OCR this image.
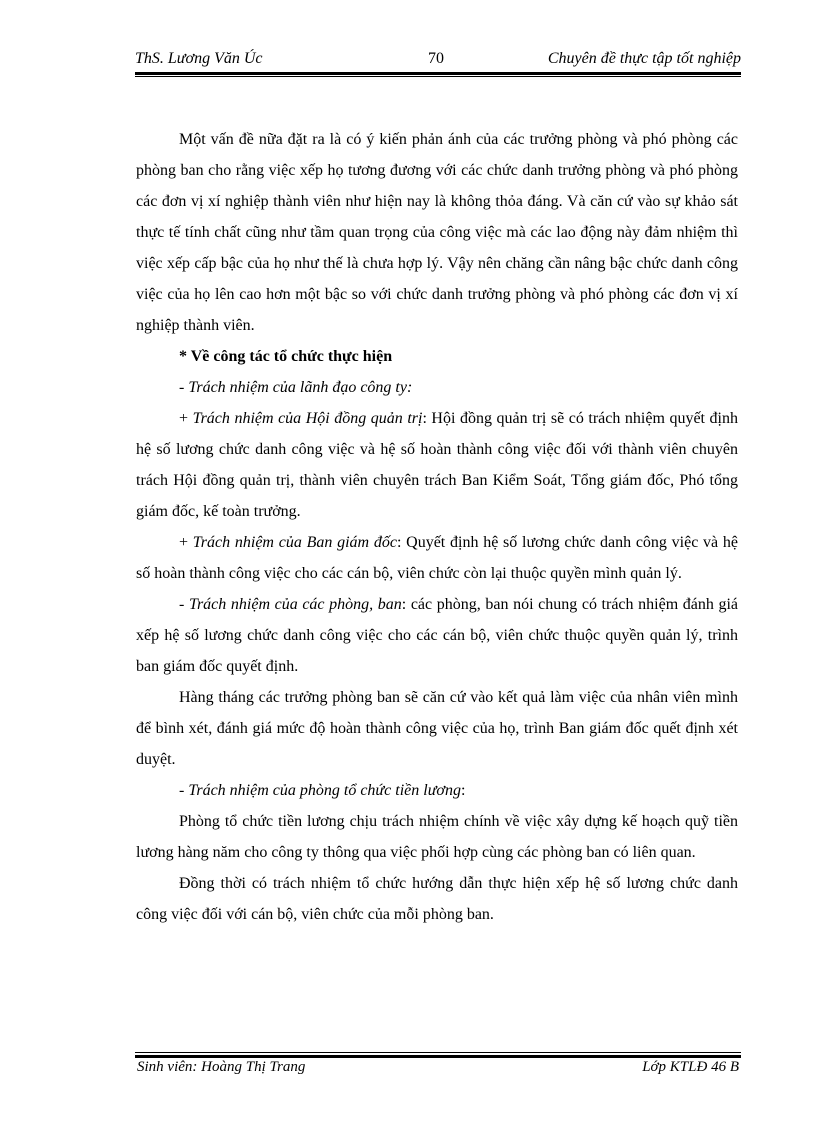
ThS. Lương Văn Úc	70	Chuyên đề thực tập tốt nghiệp

Một vấn đề nữa đặt ra là có ý kiến phản ánh của các trưởng phòng và phó phòng các phòng ban cho rằng việc xếp họ tương đương với các chức danh trưởng phòng và phó phòng các đơn vị xí nghiệp thành viên như hiện nay là không thỏa đáng. Và căn cứ vào sự khảo sát thực tế tính chất cũng như tầm quan trọng của công việc mà các lao động này đảm nhiệm thì việc xếp cấp bậc của họ như thế là chưa hợp lý. Vậy nên chăng cần nâng bậc chức danh công việc của họ lên cao hơn một bậc so với chức danh trưởng phòng và phó phòng các đơn vị xí nghiệp thành viên.

* Về công tác tổ chức thực hiện

- Trách nhiệm của lãnh đạo công ty:

+ Trách nhiệm của Hội đồng quản trị: Hội đồng quản trị sẽ có trách nhiệm quyết định hệ số lương chức danh công việc và hệ số hoàn thành công việc đối với thành viên chuyên trách Hội đồng quản trị, thành viên chuyên trách Ban Kiểm Soát, Tổng giám đốc, Phó tổng giám đốc, kế toàn trưởng.

+ Trách nhiệm của Ban giám đốc: Quyết định hệ số lương chức danh công việc và hệ số hoàn thành công việc cho các cán bộ, viên chức còn lại thuộc quyền mình quản lý.

- Trách nhiệm của các phòng, ban: các phòng, ban nói chung có trách nhiệm đánh giá xếp hệ số lương chức danh công việc cho các cán bộ, viên chức thuộc quyền quản lý, trình ban giám đốc quyết định.

Hàng tháng các trưởng phòng ban sẽ căn cứ vào kết quả làm việc của nhân viên mình để bình xét, đánh giá mức độ hoàn thành công việc của họ, trình Ban giám đốc quết định xét duyệt.

- Trách nhiệm của phòng tổ chức tiền lương:

Phòng tổ chức tiền lương chịu trách nhiệm chính về việc xây dựng kế hoạch quỹ tiền lương hàng năm cho công ty thông qua việc phối hợp cùng các phòng ban có liên quan.

Đồng thời có trách nhiệm tổ chức hướng dẫn thực hiện xếp hệ số lương chức danh công việc đối với cán bộ, viên chức của mỗi phòng ban.

Sinh viên: Hoàng Thị Trang	Lớp KTLĐ 46 B
